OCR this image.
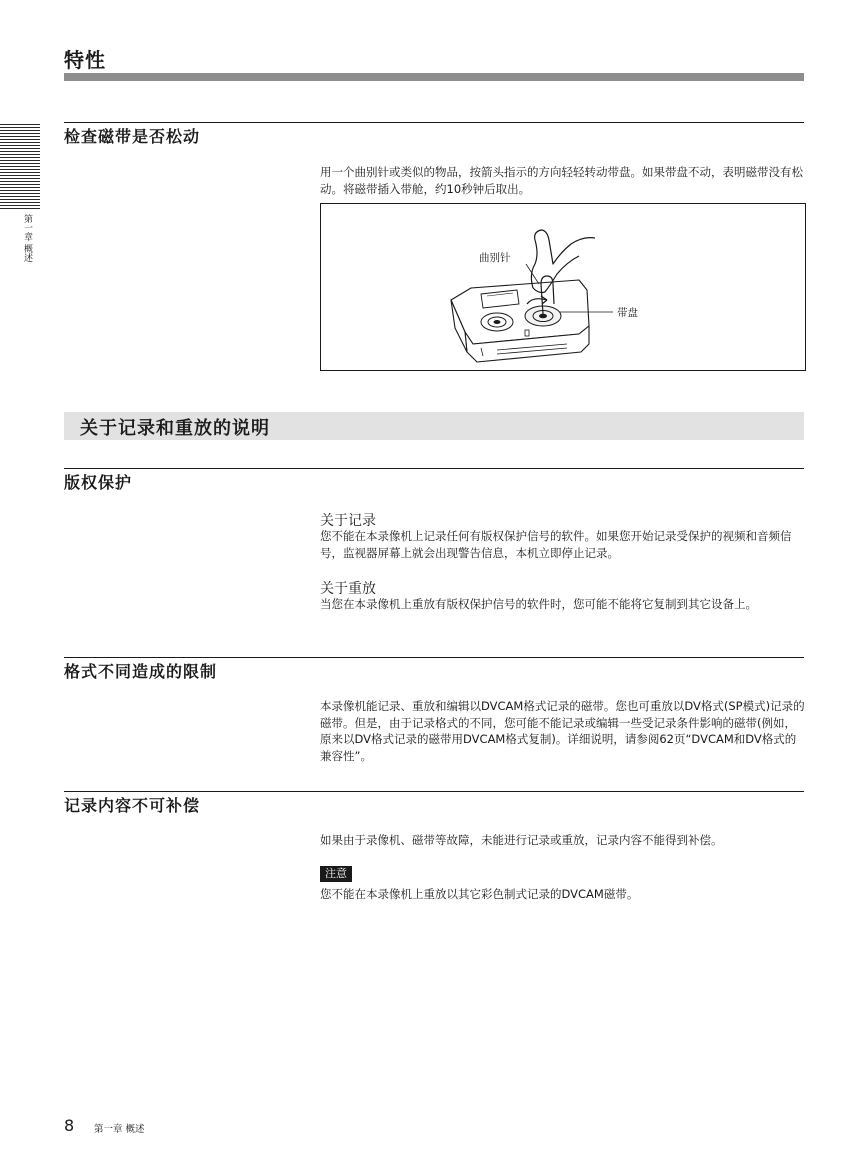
特性
第一章 概述
检查磁带是否松动
用一个曲别针或类似的物品，按箭头指示的方向轻轻转动带盘。如果带盘不动，表明磁带没有松动。将磁带插入带舱，约10秒钟后取出。
曲别针
带盘
关于记录和重放的说明
版权保护
关于记录
您不能在本录像机上记录任何有版权保护信号的软件。如果您开始记录受保护的视频和音频信号，监视器屏幕上就会出现警告信息，本机立即停止记录。
关于重放
当您在本录像机上重放有版权保护信号的软件时，您可能不能将它复制到其它设备上。
格式不同造成的限制
本录像机能记录、重放和编辑以DVCAM格式记录的磁带。您也可重放以DV格式(SP模式)记录的磁带。但是，由于记录格式的不同，您可能不能记录或编辑一些受记录条件影响的磁带(例如，原来以DV格式记录的磁带用DVCAM格式复制)。详细说明，请参阅62页“DVCAM和DV格式的兼容性”。
记录内容不可补偿
如果由于录像机、磁带等故障，未能进行记录或重放，记录内容不能得到补偿。
注意
您不能在本录像机上重放以其它彩色制式记录的DVCAM磁带。
8 第一章 概述
